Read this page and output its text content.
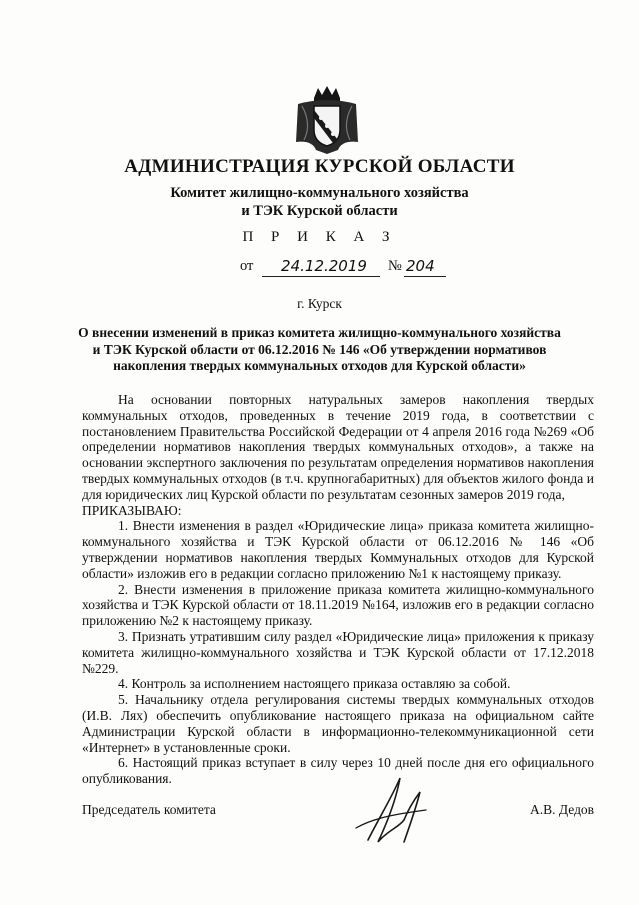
АДМИНИСТРАЦИЯ КУРСКОЙ ОБЛАСТИ
Комитет жилищно-коммунального хозяйства
и ТЭК Курской области
П Р И К А З
от	24.12.2019	№ 204
г. Курск
О внесении изменений в приказ комитета жилищно-коммунального хозяйства
и ТЭК Курской области от 06.12.2016 № 146 «Об утверждении нормативов
накопления твердых коммунальных отходов для Курской области»

На основании повторных натуральных замеров накопления твердых коммунальных отходов, проведенных в течение 2019 года, в соответствии с постановлением Правительства Российской Федерации от 4 апреля 2016 года №269 «Об определении нормативов накопления твердых коммунальных отходов», а также на основании экспертного заключения по результатам определения нормативов накопления твердых коммунальных отходов (в т.ч. крупногабаритных) для объектов жилого фонда и для юридических лиц Курской области по результатам сезонных замеров 2019 года,

ПРИКАЗЫВАЮ:

1. Внести изменения в раздел «Юридические лица» приказа комитета жилищно-коммунального хозяйства и ТЭК Курской области от 06.12.2016 № 146 «Об утверждении нормативов накопления твердых Коммунальных отходов для Курской области» изложив его в редакции согласно приложению №1 к настоящему приказу.

2. Внести изменения в приложение приказа комитета жилищно-коммунального хозяйства и ТЭК Курской области от 18.11.2019 №164, изложив его в редакции согласно приложению №2 к настоящему приказу.

3. Признать утратившим силу раздел «Юридические лица» приложения к приказу комитета жилищно-коммунального хозяйства и ТЭК Курской области от 17.12.2018 №229.

4. Контроль за исполнением настоящего приказа оставляю за собой.

5. Начальнику отдела регулирования системы твердых коммунальных отходов (И.В. Лях) обеспечить опубликование настоящего приказа на официальном сайте Администрации Курской области в информационно-телекоммуникационной сети «Интернет» в установленные сроки.

6. Настоящий приказ вступает в силу через 10 дней после дня его официального опубликования.

Председатель комитета	А.В. Дедов
